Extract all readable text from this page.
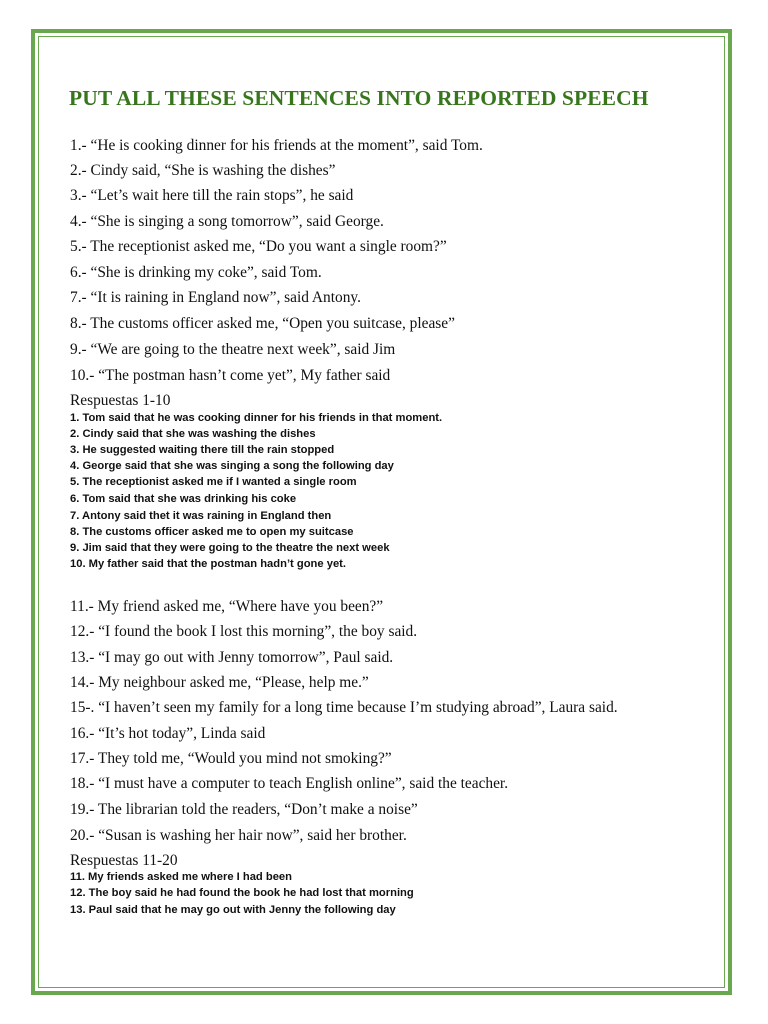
PUT ALL THESE SENTENCES INTO REPORTED SPEECH

1.- “He is cooking dinner for his friends at the moment”, said Tom.

2.- Cindy said, “She is washing the dishes”

3.- “Let’s wait here till the rain stops”, he said

4.- “She is singing a song tomorrow”, said George.

5.- The receptionist asked me, “Do you want a single room?”

6.- “She is drinking my coke”, said Tom.

7.- “It is raining in England now”, said Antony.

8.- The customs officer asked me, “Open you suitcase, please”

9.- “We are going to the theatre next week”, said Jim

10.- “The postman hasn’t come yet”, My father said

Respuestas 1-10

1. Tom said that he was cooking dinner for his friends in that moment.

2. Cindy said that she was washing the dishes

3. He suggested waiting there till the rain stopped

4. George said that she was singing a song the following day

5. The receptionist asked me if I wanted a single room

6. Tom said that she was drinking his coke

7. Antony said thet it was raining in England then

8. The customs officer asked me to open my suitcase

9. Jim said that they were going to the theatre the next week

10. My father said that the postman hadn’t gone yet.

11.- My friend asked me, “Where have you been?”

12.- “I found the book I lost this morning”, the boy said.

13.- “I may go out with Jenny tomorrow”, Paul said.

14.- My neighbour asked me, “Please, help me.”

15-. “I haven’t seen my family for a long time because I’m studying abroad”, Laura said.

16.- “It’s hot today”, Linda said

17.- They told me, “Would you mind not smoking?”

18.- “I must have a computer to teach English online”, said the teacher.

19.- The librarian told the readers, “Don’t make a noise”

20.- “Susan is washing her hair now”, said her brother.

Respuestas 11-20

11. My friends asked me where I had been

12. The boy said he had found the book he had lost that morning

13. Paul said that he may go out with Jenny the following day
